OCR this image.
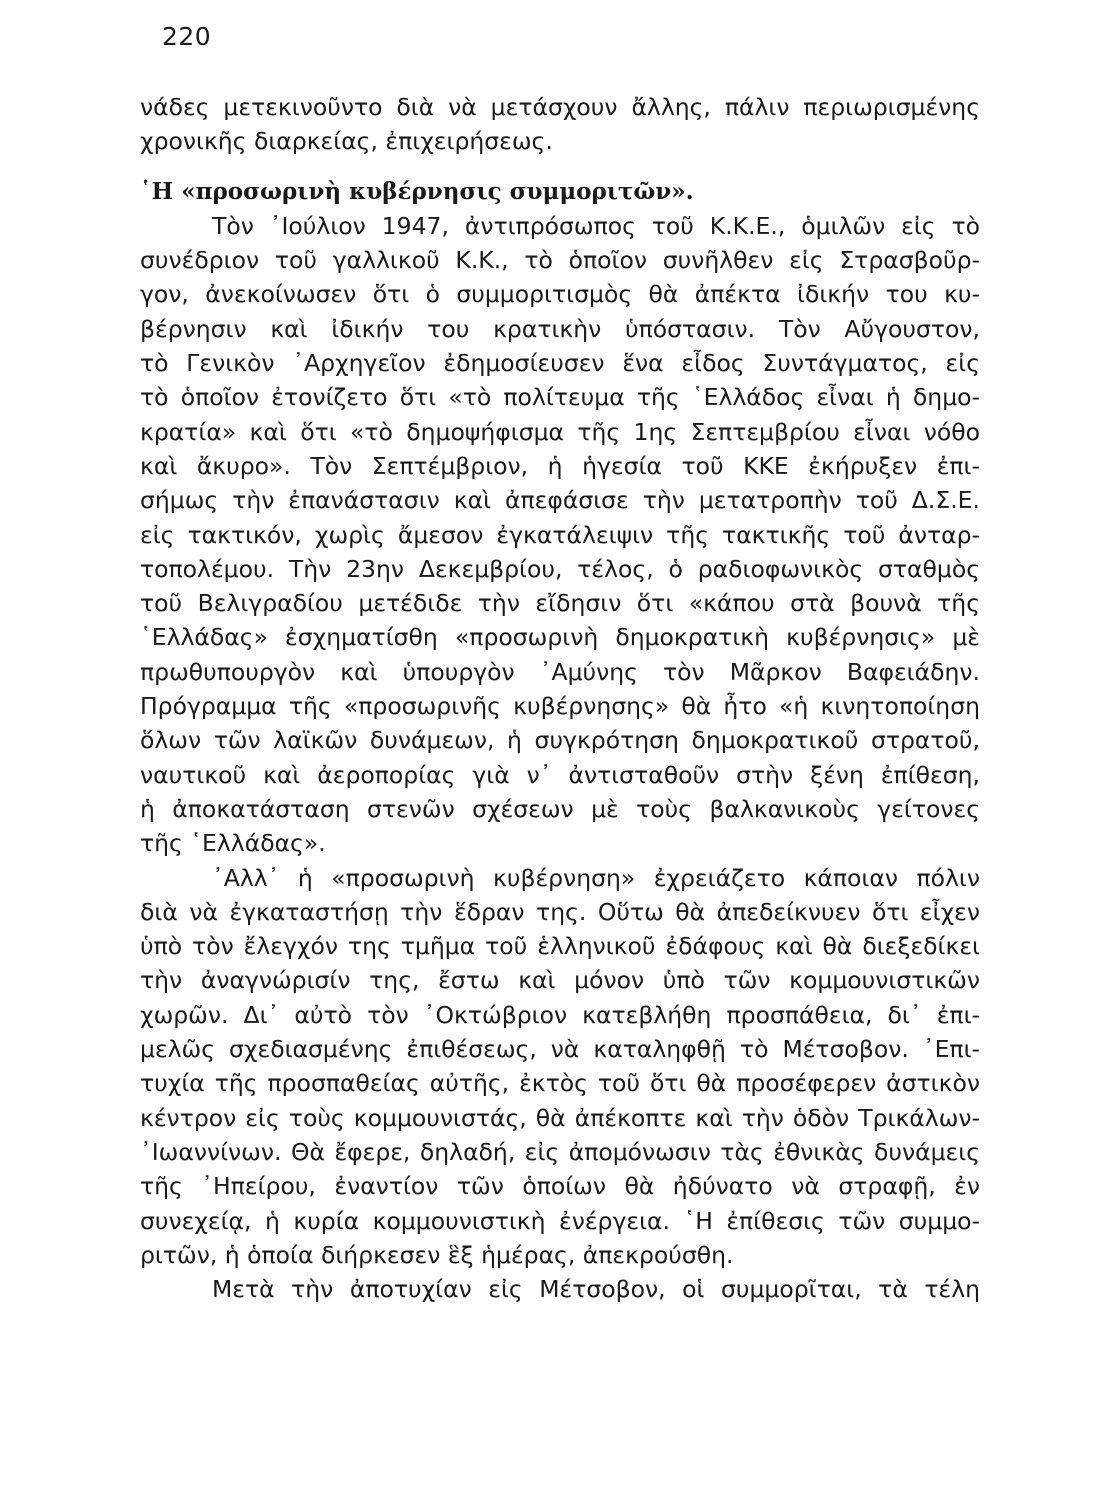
220
νάδες μετεκινοῦντο διὰ νὰ μετάσχουν ἄλλης, πάλιν περιωρισμένης
χρονικῆς διαρκείας, ἐπιχειρήσεως.
῾Η «προσωρινὴ κυβέρνησις συμμοριτῶν».
Τὸν ᾽Ιούλιον 1947, ἀντιπρόσωπος τοῦ Κ.Κ.Ε., ὁμιλῶν εἰς τὸ
συνέδριον τοῦ γαλλικοῦ Κ.Κ., τὸ ὁποῖον συνῆλθεν εἰς Στρασβοῦρ-
γον, ἀνεκοίνωσεν ὅτι ὁ συμμοριτισμὸς θὰ ἀπέκτα ἰδικήν του κυ-
βέρνησιν καὶ ἰδικήν του κρατικὴν ὑπόστασιν. Τὸν Αὔγουστον,
τὸ Γενικὸν ᾽Αρχηγεῖον ἐδημοσίευσεν ἕνα εἶδος Συντάγματος, εἰς
τὸ ὁποῖον ἐτονίζετο ὅτι «τὸ πολίτευμα τῆς ῾Ελλάδος εἶναι ἡ δημο-
κρατία» καὶ ὅτι «τὸ δημοψήφισμα τῆς 1ης Σεπτεμβρίου εἶναι νόθο
καὶ ἄκυρο». Τὸν Σεπτέμβριον, ἡ ἡγεσία τοῦ ΚΚΕ ἐκήρυξεν ἐπι-
σήμως τὴν ἐπανάστασιν καὶ ἀπεφάσισε τὴν μετατροπὴν τοῦ Δ.Σ.Ε.
εἰς τακτικόν, χωρὶς ἄμεσον ἐγκατάλειψιν τῆς τακτικῆς τοῦ ἀνταρ-
τοπολέμου. Τὴν 23ην Δεκεμβρίου, τέλος, ὁ ραδιοφωνικὸς σταθμὸς
τοῦ Βελιγραδίου μετέδιδε τὴν εἴδησιν ὅτι «κάπου στὰ βουνὰ τῆς
῾Ελλάδας» ἐσχηματίσθη «προσωρινὴ δημοκρατικὴ κυβέρνησις» μὲ
πρωθυπουργὸν καὶ ὑπουργὸν ᾽Αμύνης τὸν Μᾶρκον Βαφειάδην.
Πρόγραμμα τῆς «προσωρινῆς κυβέρνησης» θὰ ἦτο «ἡ κινητοποίηση
ὅλων τῶν λαϊκῶν δυνάμεων, ἡ συγκρότηση δημοκρατικοῦ στρατοῦ,
ναυτικοῦ καὶ ἀεροπορίας γιὰ ν᾽ ἀντισταθοῦν στὴν ξένη ἐπίθεση,
ἡ ἀποκατάσταση στενῶν σχέσεων μὲ τοὺς βαλκανικοὺς γείτονες
τῆς ῾Ελλάδας».
᾽Αλλ᾽ ἡ «προσωρινὴ κυβέρνηση» ἐχρειάζετο κάποιαν πόλιν
διὰ νὰ ἐγκαταστήσῃ τὴν ἕδραν της. Οὕτω θὰ ἀπεδείκνυεν ὅτι εἶχεν
ὑπὸ τὸν ἔλεγχόν της τμῆμα τοῦ ἑλληνικοῦ ἐδάφους καὶ θὰ διεξεδίκει
τὴν ἀναγνώρισίν της, ἔστω καὶ μόνον ὑπὸ τῶν κομμουνιστικῶν
χωρῶν. Δι᾽ αὐτὸ τὸν ᾽Οκτώβριον κατεβλήθη προσπάθεια, δι᾽ ἐπι-
μελῶς σχεδιασμένης ἐπιθέσεως, νὰ καταληφθῇ τὸ Μέτσοβον. ᾽Επι-
τυχία τῆς προσπαθείας αὐτῆς, ἐκτὸς τοῦ ὅτι θὰ προσέφερεν ἀστικὸν
κέντρον εἰς τοὺς κομμουνιστάς, θὰ ἀπέκοπτε καὶ τὴν ὁδὸν Τρικάλων-
᾽Ιωαννίνων. Θὰ ἔφερε, δηλαδή, εἰς ἀπομόνωσιν τὰς ἐθνικὰς δυνάμεις
τῆς ᾽Ηπείρου, ἐναντίον τῶν ὁποίων θὰ ἠδύνατο νὰ στραφῇ, ἐν
συνεχείᾳ, ἡ κυρία κομμουνιστικὴ ἐνέργεια. ῾Η ἐπίθεσις τῶν συμμο-
ριτῶν, ἡ ὁποία διήρκεσεν ἓξ ἡμέρας, ἀπεκρούσθη.
Μετὰ τὴν ἀποτυχίαν εἰς Μέτσοβον, οἱ συμμορῖται, τὰ τέλη
